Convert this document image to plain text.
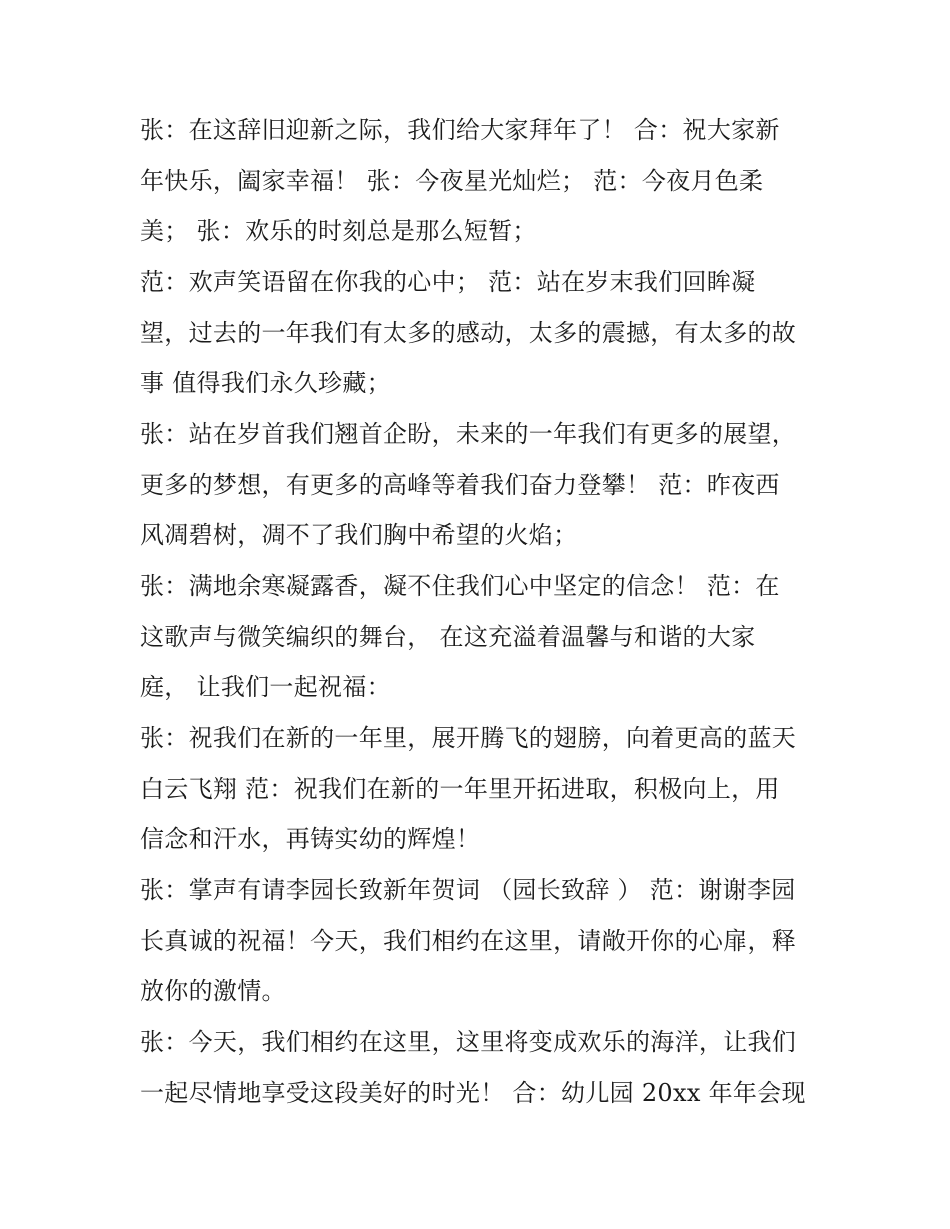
张：在这辞旧迎新之际，我们给大家拜年了！ 合：祝大家新
年快乐，阖家幸福！ 张：今夜星光灿烂； 范：今夜月色柔
美； 张：欢乐的时刻总是那么短暂；
范：欢声笑语留在你我的心中； 范：站在岁末我们回眸凝
望，过去的一年我们有太多的感动，太多的震撼，有太多的故
事 值得我们永久珍藏；
张：站在岁首我们翘首企盼，未来的一年我们有更多的展望，
更多的梦想，有更多的高峰等着我们奋力登攀！ 范：昨夜西
风凋碧树，凋不了我们胸中希望的火焰；
张：满地余寒凝露香，凝不住我们心中坚定的信念！ 范：在
这歌声与微笑编织的舞台， 在这充溢着温馨与和谐的大家
庭， 让我们一起祝福：
张：祝我们在新的一年里，展开腾飞的翅膀，向着更高的蓝天
白云飞翔 范：祝我们在新的一年里开拓进取，积极向上，用
信念和汗水，再铸实幼的辉煌！
张：掌声有请李园长致新年贺词 （园长致辞 ） 范：谢谢李园
长真诚的祝福！今天，我们相约在这里，请敞开你的心扉，释
放你的激情。
张：今天，我们相约在这里，这里将变成欢乐的海洋，让我们
一起尽情地享受这段美好的时光！ 合：幼儿园 20xx 年年会现
